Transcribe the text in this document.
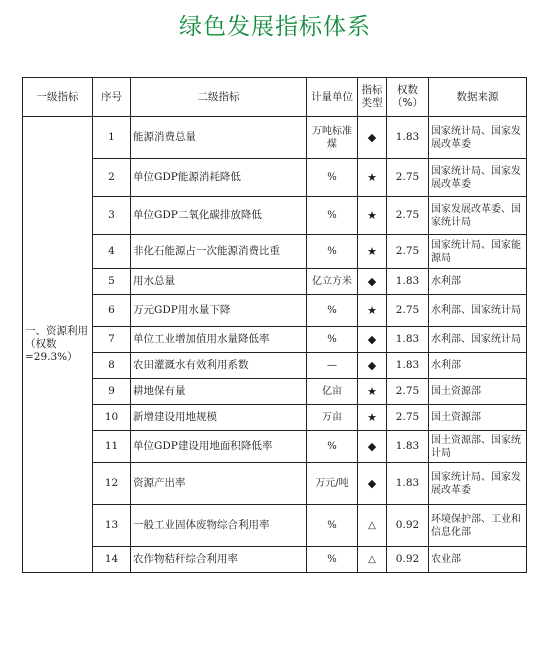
绿色发展指标体系
一级指标	序号	二级指标	计量单位	指标类型	权数（%）	数据来源
一、资源利用（权数=29.3%）	1	能源消费总量	万吨标准煤	◆	1.83	国家统计局、国家发展改革委
	2	单位GDP能源消耗降低	%	★	2.75	国家统计局、国家发展改革委
	3	单位GDP二氧化碳排放降低	%	★	2.75	国家发展改革委、国家统计局
	4	非化石能源占一次能源消费比重	%	★	2.75	国家统计局、国家能源局
	5	用水总量	亿立方米	◆	1.83	水利部
	6	万元GDP用水量下降	%	★	2.75	水利部、国家统计局
	7	单位工业增加值用水量降低率	%	◆	1.83	水利部、国家统计局
	8	农田灌溉水有效利用系数	—	◆	1.83	水利部
	9	耕地保有量	亿亩	★	2.75	国土资源部
	10	新增建设用地规模	万亩	★	2.75	国土资源部
	11	单位GDP建设用地面积降低率	%	◆	1.83	国土资源部、国家统计局
	12	资源产出率	万元/吨	◆	1.83	国家统计局、国家发展改革委
	13	一般工业固体废物综合利用率	%	△	0.92	环境保护部、工业和信息化部
	14	农作物秸秆综合利用率	%	△	0.92	农业部
